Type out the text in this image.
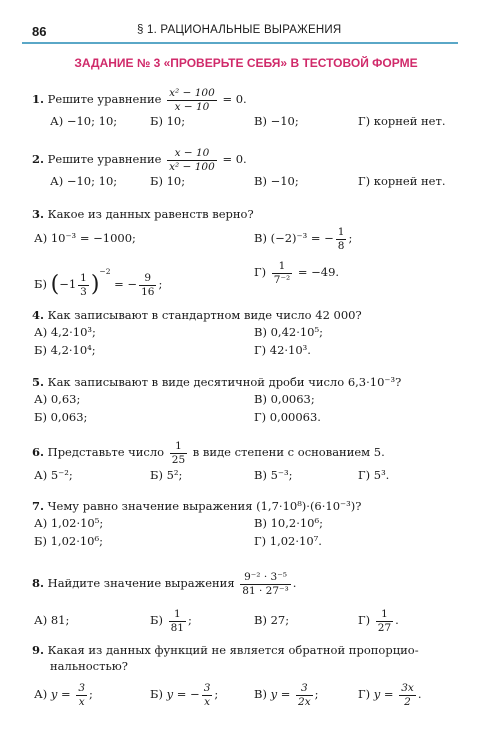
86	§ 1. РАЦИОНАЛЬНЫЕ ВЫРАЖЕНИЯ
ЗАДАНИЕ № 3 «ПРОВЕРЬТЕ СЕБЯ» В ТЕСТОВОЙ ФОРМЕ
1. Решите уравнение $\frac{\text{x² − 100}}{x - 10} = 0$.
А) −10; 10;	Б) 10;	В) −10;	Г) корней нет.
2. Решите уравнение $\frac{x - 10}{\text{x² − 100}} = 0$.
А) −10; 10;	Б) 10;	В) −10;	Г) корней нет.
3. Какое из данных равенств верно?
А) 10⁻³ = −1000;	В) (−2)⁻³ = − $\frac{1}{8}$ ;
Б) $(-1 \frac{1}{3} )^{-2}$ = − $\frac{9}{16}$ ;
$Г) \frac{1}{\text{7⁻²}} = -49$.
4. Как записывают в стандартном виде число 42 000?
А) 4,2·10³;	В) 0,42·10⁵;
Б) 4,2·10⁴;	Г) 42·10³.
5. Как записывают в виде десятичной дроби число 6,3·10⁻³?
А) 0,63;	В) 0,0063;
Б) 0,063;	Г) 0,00063.
6. Представьте число $\frac{1}{25}$ в виде степени с основанием 5.
А) 5⁻²;	Б) 5²;	В) 5⁻³;	Г) 5³.
7. Чему равно значение выражения (1,7·10⁸)·(6·10⁻³)?
А) 1,02·10⁵;	В) 10,2·10⁶;
Б) 1,02·10⁶;	Г) 1,02·10⁷.
8. Найдите значение выражения $\frac{\text{9⁻² · 3⁻⁵}}{\text{81 · 27⁻³}}$ .
А) 81;	$Б) \frac{1}{81}$ ;	В) 27;	$Г) \frac{1}{27}$ .
9. Какая из данных функций не является обратной пропорцио-
нальностью?
А) $y = \frac{3}{x}$ ;	Б) y = − $\frac{3}{x}$ ;	В) $y = \frac{3}{2x}$ ;	Г) $y = \frac{3x}{2}$ .
